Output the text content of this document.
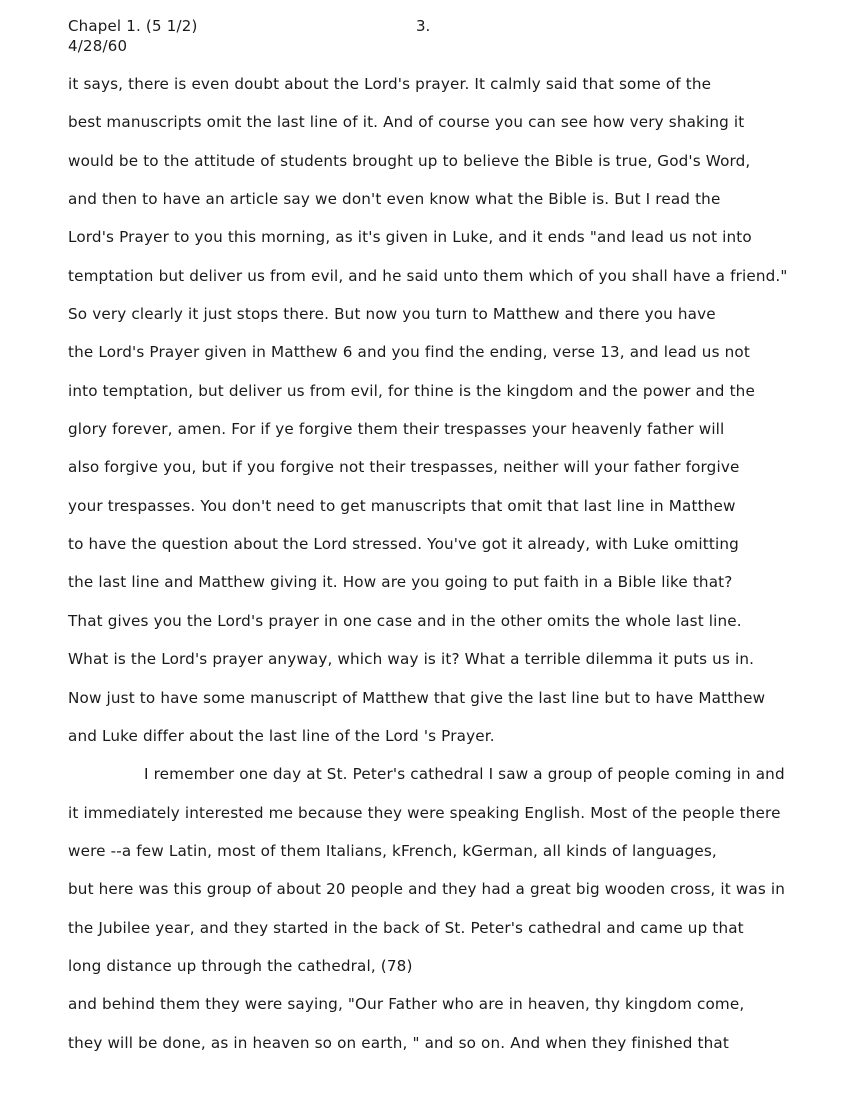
Chapel 1. (5 1/2)
4/28/60
3.
it says, there is even doubt about the Lord's prayer. It calmly said that some of the
best manuscripts omit the last line of it. And of course you can see how very shaking it
would be to the attitude of students brought up to believe the Bible is true, God's Word,
and then to have an article say we don't even know what the Bible is. But I read the
Lord's Prayer to you this morning, as it's given in Luke, and it ends "and lead us not into
temptation but deliver us from evil, and he said unto them which of you shall have a friend."
So very clearly it just stops there. But now you turn to Matthew and there you have
the Lord's Prayer given in Matthew 6 and you find the ending, verse 13, and lead us not
into temptation, but deliver us from evil, for thine is the kingdom and the power and the
glory forever, amen. For if ye forgive them their trespasses your heavenly father will
also forgive you, but if you forgive not their trespasses, neither will your father forgive
your trespasses. You don't need to get manuscripts that omit that last line in Matthew
to have the question about the Lord stressed. You've got it already, with Luke omitting
the last line and Matthew giving it. How are you going to put faith in a Bible like that?
That gives you the Lord's prayer in one case and in the other omits the whole last line.
What is the Lord's prayer anyway, which way is it? What a terrible dilemma it puts us in.
Now just to have some manuscript of Matthew that give the last line but to have Matthew
and Luke differ about the last line of the Lord 's Prayer.
I remember one day at St. Peter's cathedral I saw a group of people coming in and
it immediately interested me because they were speaking English. Most of the people there
were --a few Latin, most of them Italians, kFrench, kGerman, all kinds of languages,
but here was this group of about 20 people and they had a great big wooden cross, it was in
the Jubilee year, and they started in the back of St. Peter's cathedral and came up that
long distance up through the cathedral, (78)
and behind them they were saying, "Our Father who are in heaven, thy kingdom come,
they will be done, as in heaven so on earth, " and so on. And when they finished that
